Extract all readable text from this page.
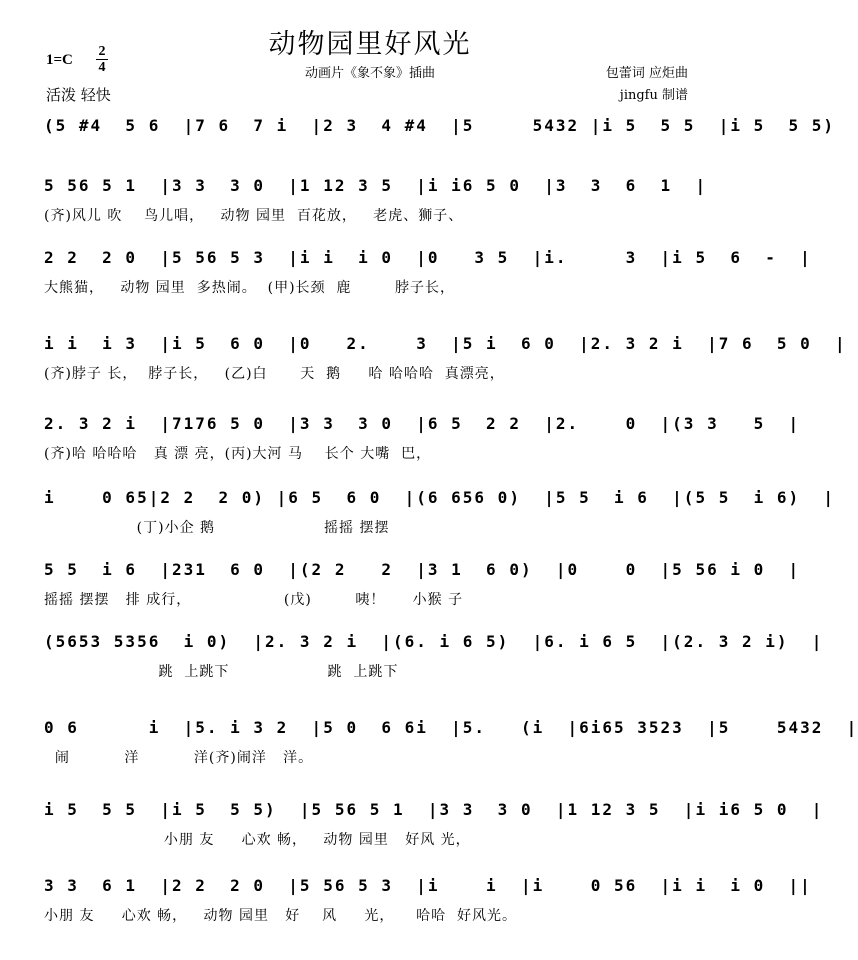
动物园里好风光
动画片《象不象》插曲
1=C
2
4
活泼 轻快
包蕾词 应炬曲
jingfu 制谱
(5 #4  5 6  |7 6  7 i  |2 3  4 #4  |5     5432 |i 5  5 5  |i 5  5 5)
5 56 5 1  |3 3  3 0  |1 12 3 5  |i i6 5 0  |3  3  6  1  |
(齐)风儿 吹    鸟儿唱，   动物 园里  百花放，   老虎、狮子、
2 2  2 0  |5 56 5 3  |i i  i 0  |0   3 5  |i.     3  |i 5  6  -  |
大熊猫，   动物 园里  多热闹。  (甲)长颈  鹿        脖子长，
i i  i 3  |i 5  6 0  |0   2.    3  |5 i  6 0  |2. 3 2 i  |7 6  5 0  |
(齐)脖子 长，  脖子长，   (乙)白      天  鹅     哈 哈哈哈  真漂亮，
2. 3 2 i  |7176 5 0  |3 3  3 0  |6 5  2 2  |2.    0  |(3 3   5  |
(齐)哈 哈哈哈   真 漂 亮，(丙)大河 马    长个 大嘴  巴，
i    0 65|2 2  2 0) |6 5  6 0  |(6 656 0)  |5 5  i 6  |(5 5  i 6)  |
(丁)小企 鹅                    摇摇 摆摆
5 5  i 6  |231  6 0  |(2 2   2  |3 1  6 0)  |0    0  |5 56 i 0  |
摇摇 摆摆   排 成行，                 (戊)        咦！     小猴 子
(5653 5356  i 0)  |2. 3 2 i  |(6. i 6 5)  |6. i 6 5  |(2. 3 2 i)  |
跳  上跳下                  跳  上跳下
0 6      i  |5. i 3 2  |5 0  6 6i  |5.   (i  |6i65 3523  |5    5432  |
闹          洋          洋(齐)闹洋   洋。
i 5  5 5  |i 5  5 5)  |5 56 5 1  |3 3  3 0  |1 12 3 5  |i i6 5 0  |
小朋 友     心欢 畅，   动物 园里   好风 光，
3 3  6 1  |2 2  2 0  |5 56 5 3  |i    i  |i    0 56  |i i  i 0  ||
小朋 友     心欢 畅，   动物 园里   好    风     光，    哈哈  好风光。
